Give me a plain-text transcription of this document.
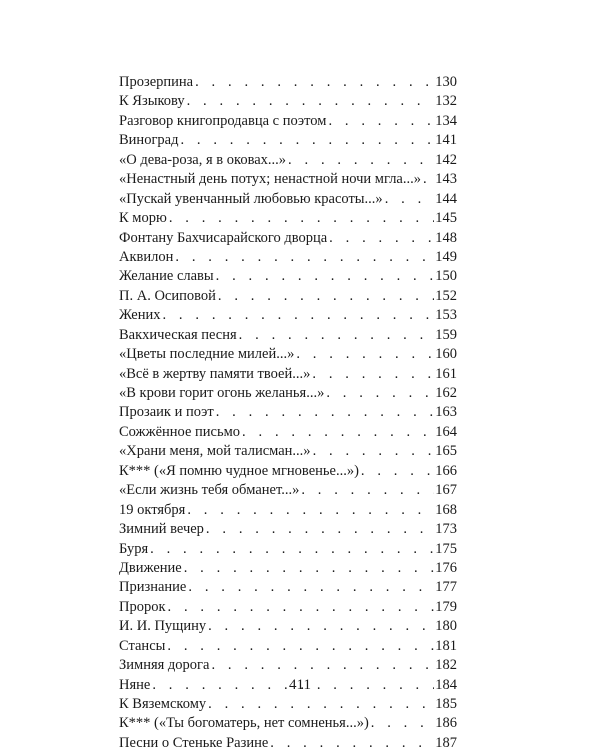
Прозерпина . . .	130
К Языкову . . .	132
Разговор книгопродавца с поэтом . . .	134
Виноград . . .	141
«О дева-роза, я в оковах...» . . .	142
«Ненастный день потух; ненастной ночи мгла...» . . . 143
«Пускай увенчанный любовью красоты...» . . .	144
К морю . . .	145
Фонтану Бахчисарайского дворца . . .	148
Аквилон . . .	149
Желание славы . . .	150
П. А. Осиповой . . .	152
Жених . . .	153
Вакхическая песня . . .	159
«Цветы последние милей...» . . .	160
«Всё в жертву памяти твоей...» . . .	161
«В крови горит огонь желанья...» . . .	162
Прозаик и поэт . . .	163
Сожжённое письмо . . .	164
«Храни меня, мой талисман...» . . .	165
К*** («Я помню чудное мгновенье...») . . .	166
«Если жизнь тебя обманет...» . . .	167
19 октября . . .	168
Зимний вечер . . .	173
Буря . . .	175
Движение . . .	176
Признание . . .	177
Пророк . . .	179
И. И. Пущину . . .	180
Стансы . . .	181
Зимняя дорога . . .	182
Няне . . .	184
К Вяземскому . . .	185
К*** («Ты богоматерь, нет сомненья...») . . .	186
Песни о Стеньке Разине . . .	187
411
